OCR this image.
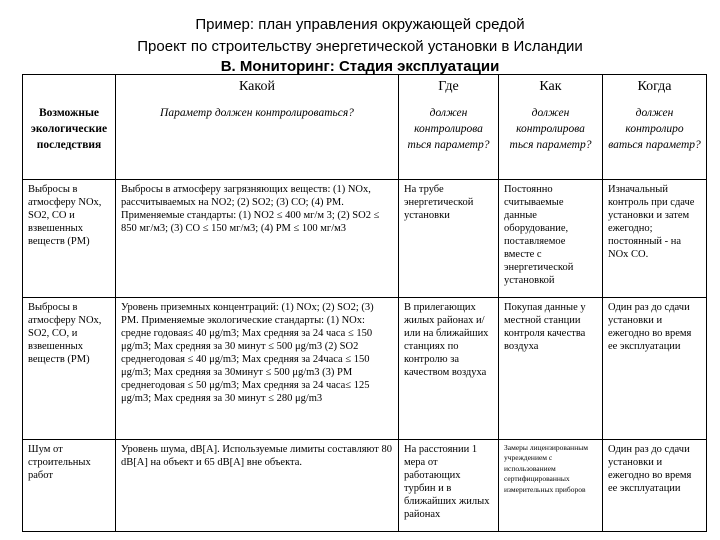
Пример: план управления окружающей средой
Проект по строительству энергетической установки в Исландии
В. Мониторинг: Стадия эксплуатации
	Какой	Где	Как	Когда
Возможные экологические последствия	Параметр должен контролироваться?	должен контролирова ться параметр?	должен контролирова ться параметр?	должен контролиро ваться параметр?
Выбросы в атмосферу NOx, SO2, CO и взвешенных веществ (PM)	Выбросы в атмосферу загрязняющих веществ: (1) NOx, рассчитываемых на NO2; (2) SO2; (3) CO; (4) PM. Применяемые стандарты: (1) NO2 ≤ 400 мг/м 3; (2) SO2 ≤ 850 мг/м3; (3) CO ≤ 150 мг/м3; (4) PM ≤ 100 мг/м3	На трубе энергетической установки	Постоянно считываемые данные оборудование, поставляемое вместе с энергетической установкой	Изначальный контроль при сдаче установки и затем ежегодно; постоянный - на NOx CO.
Выбросы в атмосферу NOx, SO2, CO, и взвешенных веществ (PM)	Уровень приземных концентраций: (1) NOx; (2) SO2; (3) PM. Применяемые экологические стандарты: (1) NOx: средне годовая≤ 40 μg/m3; Max средняя за 24 часа ≤ 150 μg/m3; Max средняя за 30 минут ≤ 500 μg/m3 (2) SO2 среднегодовая ≤ 40 μg/m3; Max средняя за 24часа ≤ 150 μg/m3; Max средняя за 30минут ≤ 500 μg/m3 (3) PM среднегодовая ≤ 50 μg/m3; Max средняя за 24 часа≤ 125 μg/m3; Max средняя за 30 минут ≤ 280 μg/m3	В прилегающих жилых районах и/или на ближайших станциях по контролю за качеством воздуха	Покупая данные у местной станции контроля качества воздуха	Один раз до сдачи установки и ежегодно во время ее эксплуатации
Шум от строительных работ	Уровень шума, dB[A]. Используемые лимиты составляют 80 dB[A] на объект и 65 dB[A] вне объекта.	На расстоянии 1 мера от работающих турбин и в ближайших жилых районах	Замеры лицензированным учреждением с использованием сертифицированных измерительных приборов	Один раз до сдачи установки и ежегодно во время ее эксплуатации
